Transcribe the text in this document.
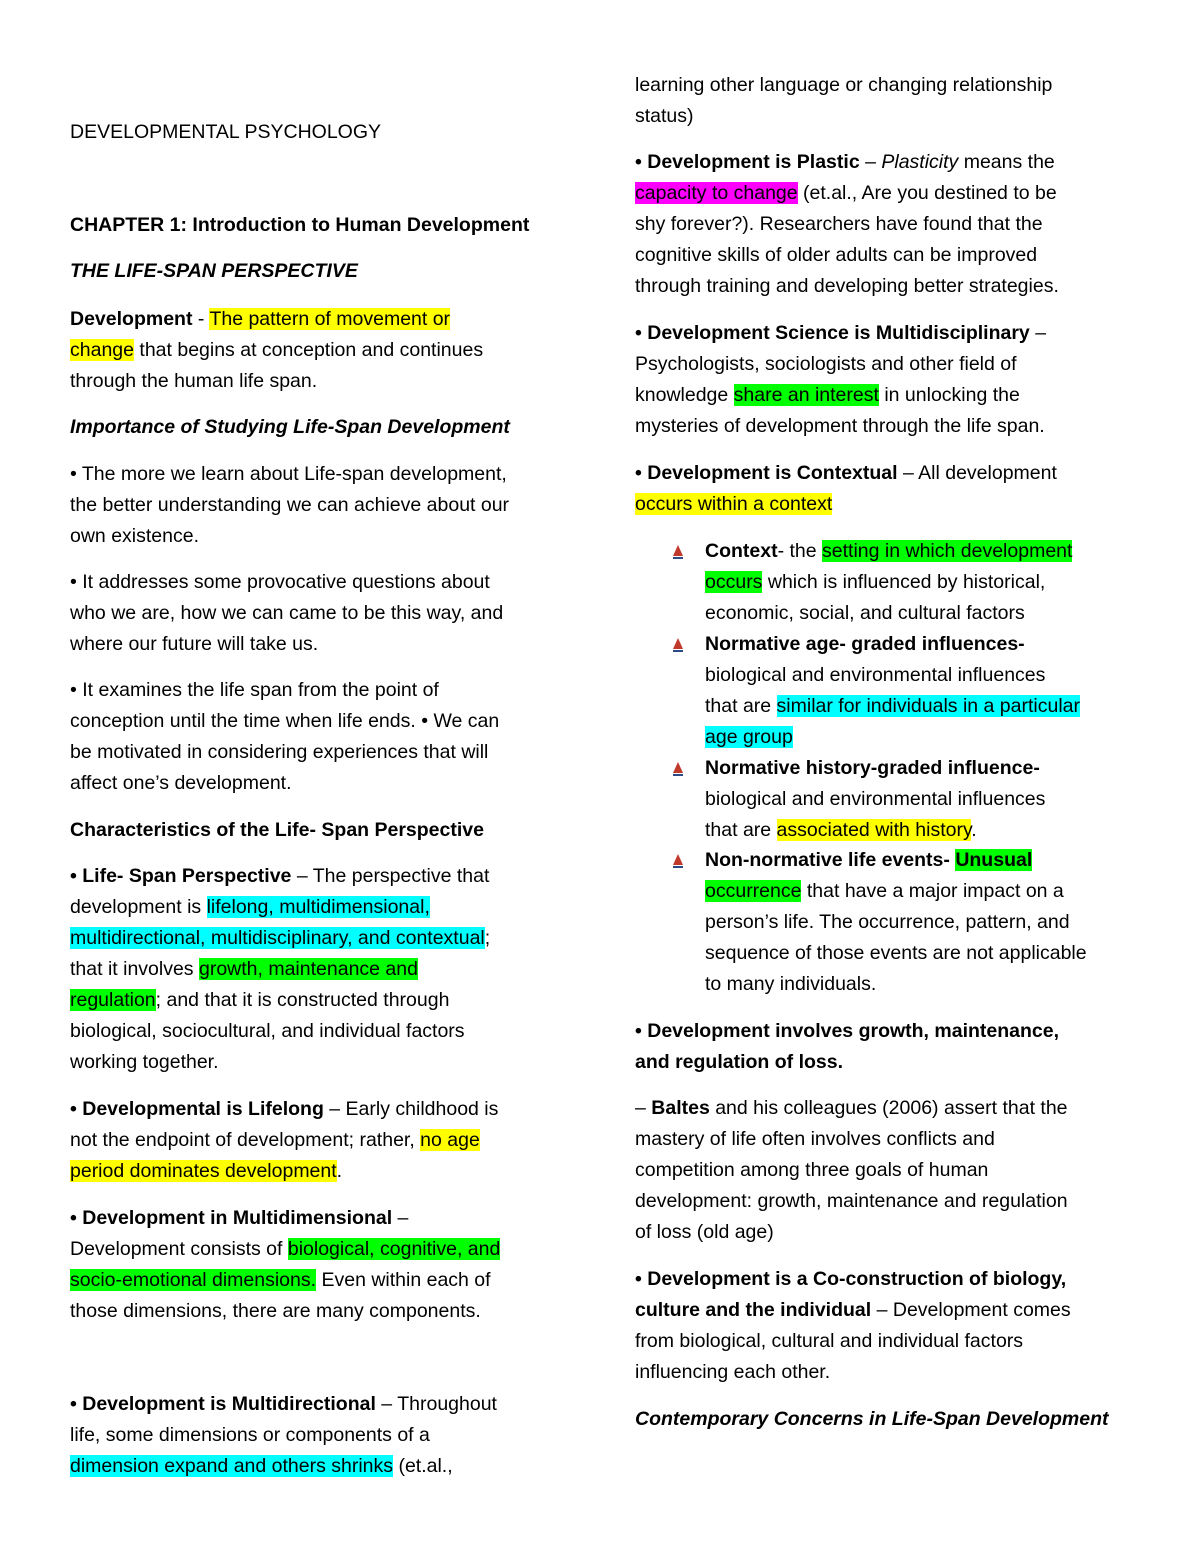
DEVELOPMENTAL PSYCHOLOGY

CHAPTER 1: Introduction to Human Development

THE LIFE-SPAN PERSPECTIVE

Development - The pattern of movement or

change that begins at conception and continues

through the human life span.

Importance of Studying Life-Span Development

• The more we learn about Life-span development,

the better understanding we can achieve about our

own existence.

• It addresses some provocative questions about

who we are, how we can came to be this way, and

where our future will take us.

• It examines the life span from the point of

conception until the time when life ends. • We can

be motivated in considering experiences that will

affect one’s development.

Characteristics of the Life- Span Perspective

• Life- Span Perspective – The perspective that

development is lifelong, multidimensional,

multidirectional, multidisciplinary, and contextual;

that it involves growth, maintenance and

regulation; and that it is constructed through

biological, sociocultural, and individual factors

working together.

• Developmental is Lifelong – Early childhood is

not the endpoint of development; rather, no age

period dominates development.

• Development in Multidimensional –

Development consists of biological, cognitive, and

socio-emotional dimensions. Even within each of

those dimensions, there are many components.

• Development is Multidirectional – Throughout

life, some dimensions or components of a

dimension expand and others shrinks (et.al.,

learning other language or changing relationship

status)

• Development is Plastic – Plasticity means the

capacity to change (et.al., Are you destined to be

shy forever?). Researchers have found that the

cognitive skills of older adults can be improved

through training and developing better strategies.

• Development Science is Multidisciplinary –

Psychologists, sociologists and other field of

knowledge share an interest in unlocking the

mysteries of development through the life span.

• Development is Contextual – All development

occurs within a context

Context- the setting in which development

occurs which is influenced by historical,

economic, social, and cultural factors

Normative age- graded influences-

biological and environmental influences

that are similar for individuals in a particular

age group

Normative history-graded influence-

biological and environmental influences

that are associated with history.

Non-normative life events- Unusual

occurrence that have a major impact on a

person’s life. The occurrence, pattern, and

sequence of those events are not applicable

to many individuals.

• Development involves growth, maintenance,

and regulation of loss.

– Baltes and his colleagues (2006) assert that the

mastery of life often involves conflicts and

competition among three goals of human

development: growth, maintenance and regulation

of loss (old age)

• Development is a Co-construction of biology,

culture and the individual – Development comes

from biological, cultural and individual factors

influencing each other.

Contemporary Concerns in Life-Span Development
